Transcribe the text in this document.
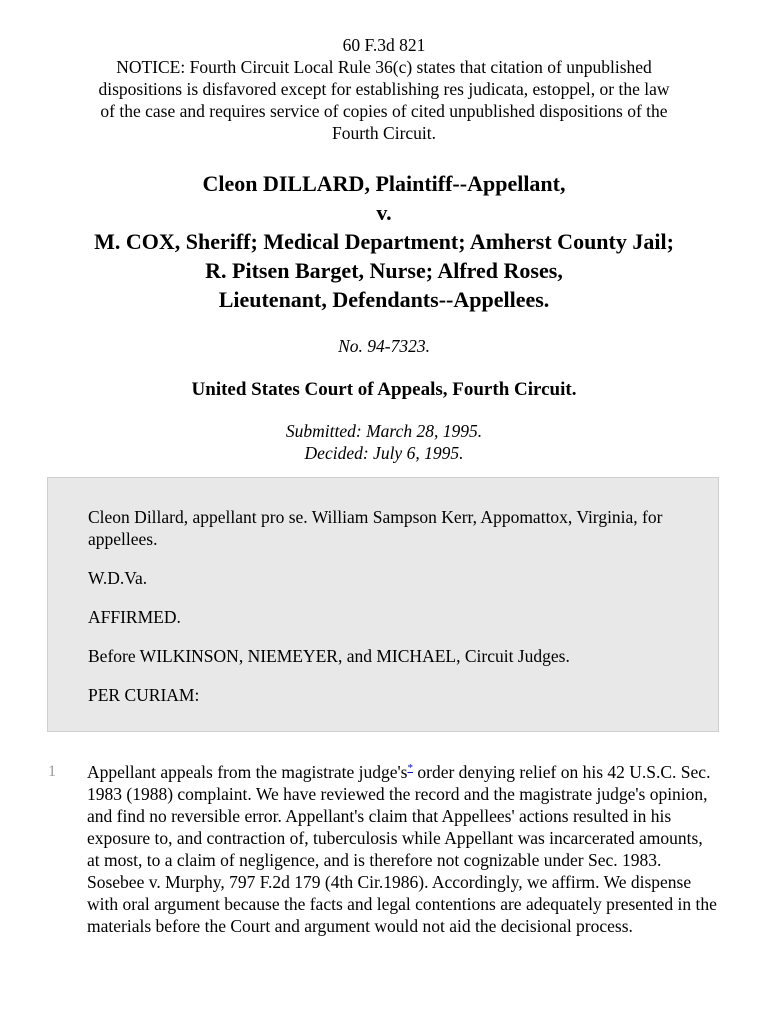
60 F.3d 821
NOTICE: Fourth Circuit Local Rule 36(c) states that citation of unpublished
dispositions is disfavored except for establishing res judicata, estoppel, or the law
of the case and requires service of copies of cited unpublished dispositions of the
Fourth Circuit.
Cleon DILLARD, Plaintiff--Appellant,
v.
M. COX, Sheriff; Medical Department; Amherst County Jail;
R. Pitsen Barget, Nurse; Alfred Roses,
Lieutenant, Defendants--Appellees.
No. 94-7323.
United States Court of Appeals, Fourth Circuit.
Submitted: March 28, 1995.
Decided: July 6, 1995.

Cleon Dillard, appellant pro se. William Sampson Kerr, Appomattox, Virginia, for appellees.

W.D.Va.

AFFIRMED.

Before WILKINSON, NIEMEYER, and MICHAEL, Circuit Judges.

PER CURIAM:

1 Appellant appeals from the magistrate judge's* order denying relief on his 42 U.S.C. Sec. 1983 (1988) complaint. We have reviewed the record and the magistrate judge's opinion, and find no reversible error. Appellant's claim that Appellees' actions resulted in his exposure to, and contraction of, tuberculosis while Appellant was incarcerated amounts, at most, to a claim of negligence, and is therefore not cognizable under Sec. 1983. Sosebee v. Murphy, 797 F.2d 179 (4th Cir.1986). Accordingly, we affirm. We dispense with oral argument because the facts and legal contentions are adequately presented in the materials before the Court and argument would not aid the decisional process.
